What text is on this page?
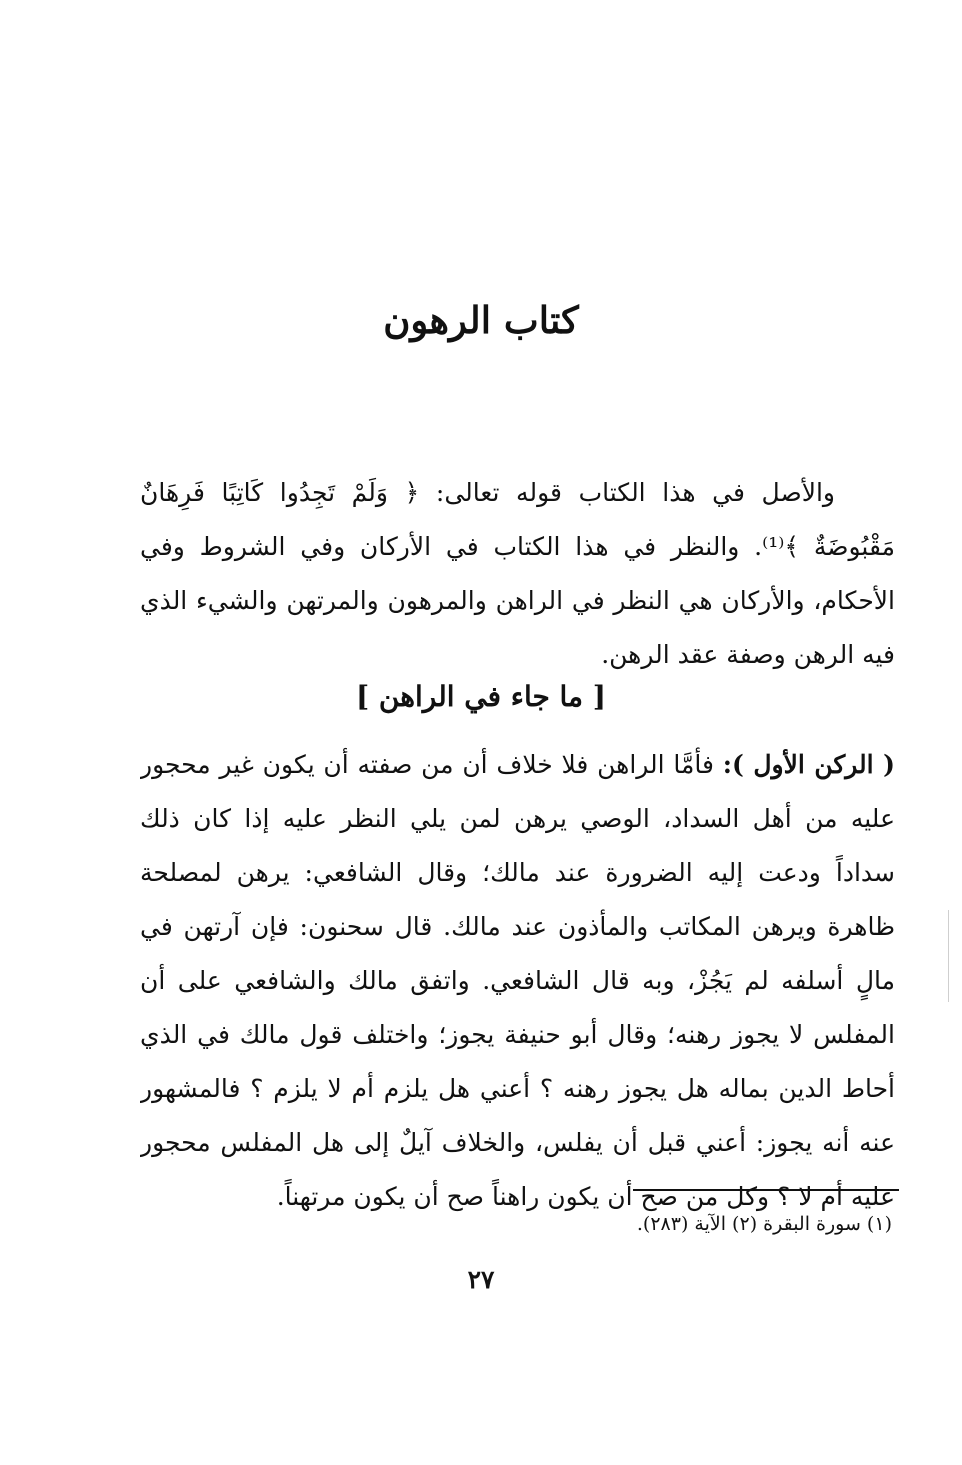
كتاب الرهون
والأصل في هذا الكتاب قوله تعالى: ﴿ وَلَمْ تَجِدُوا كَاتِبًا فَرِهَانٌ
مَقْبُوضَةٌ ﴾⁽¹⁾. والنظر في هذا الكتاب في الأركان وفي الشروط وفي
الأحكام، والأركان هي النظر في الراهن والمرهون والمرتهن والشيء الذي
فيه الرهن وصفة عقد الرهن.
[ ما جاء في الراهن ]
( الركن الأول ): فأمَّا الراهن فلا خلاف أن من صفته أن يكون غير محجور
عليه من أهل السداد، الوصي يرهن لمن يلي النظر عليه إذا كان ذلك
سداداً ودعت إليه الضرورة عند مالك؛ وقال الشافعي: يرهن لمصلحة
ظاهرة ويرهن المكاتب والمأذون عند مالك. قال سحنون: فإن آرتهن في
مالٍ أسلفه لم يَجُزْ، وبه قال الشافعي. واتفق مالك والشافعي على أن
المفلس لا يجوز رهنه؛ وقال أبو حنيفة يجوز؛ واختلف قول مالك في الذي
أحاط الدين بماله هل يجوز رهنه ؟ أعني هل يلزم أم لا يلزم ؟ فالمشهور
عنه أنه يجوز: أعني قبل أن يفلس، والخلاف آيلٌ إلى هل المفلس محجور
عليه أم لا ؟ وكل من صح أن يكون راهناً صح أن يكون مرتهناً.
(١) سورة البقرة (٢) الآية (٢٨٣).
٢٧
